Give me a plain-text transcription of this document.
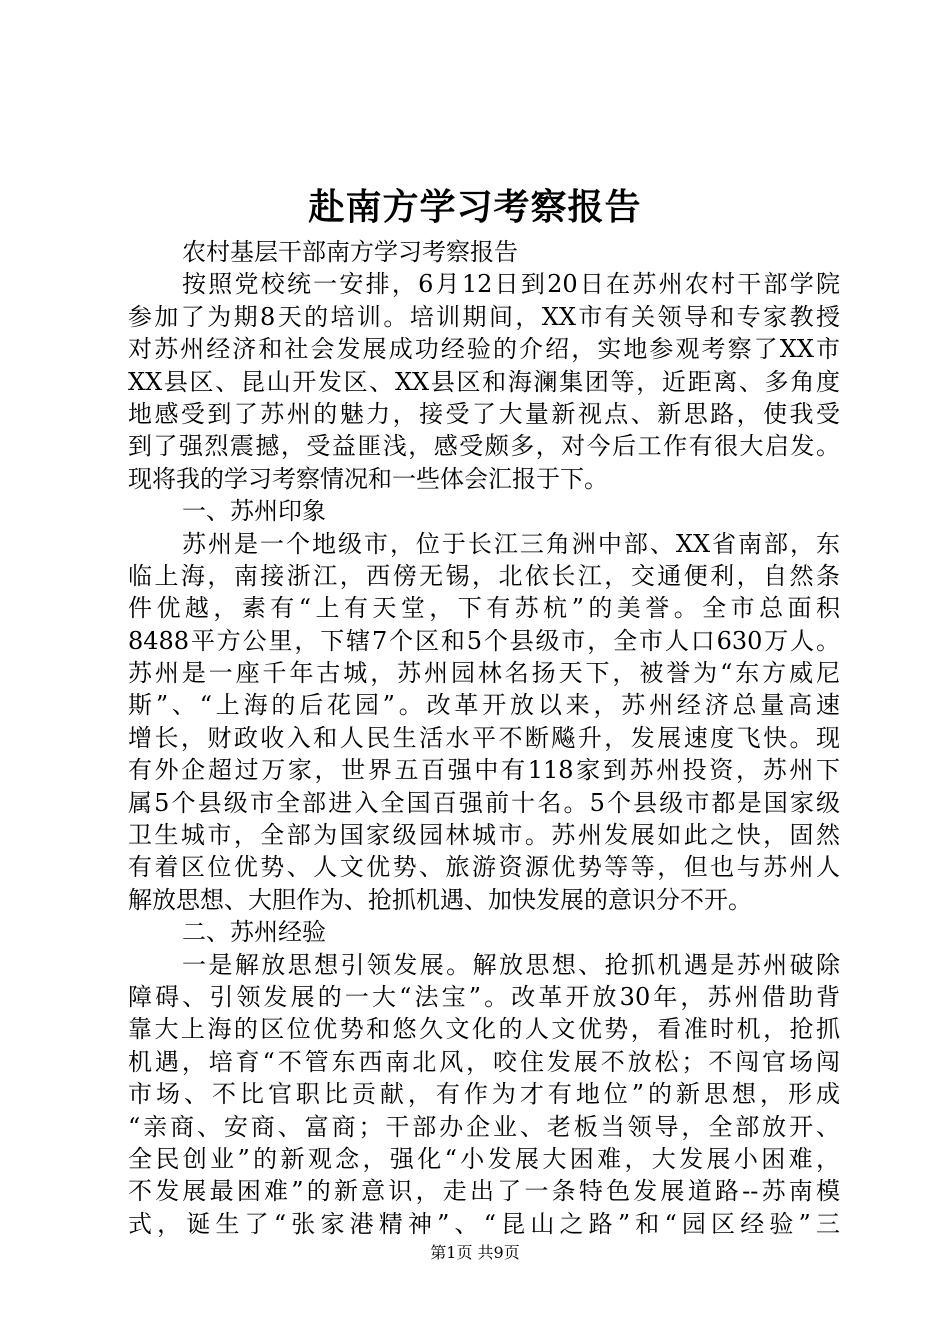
赴南方学习考察报告
农村基层干部南方学习考察报告
按照党校统一安排，6月12日到20日在苏州农村干部学院
参加了为期8天的培训。培训期间，XX市有关领导和专家教授
对苏州经济和社会发展成功经验的介绍，实地参观考察了XX市
XX县区、昆山开发区、XX县区和海澜集团等，近距离、多角度
地感受到了苏州的魅力，接受了大量新视点、新思路，使我受
到了强烈震撼，受益匪浅，感受颇多，对今后工作有很大启发。
现将我的学习考察情况和一些体会汇报于下。
一、苏州印象
苏州是一个地级市，位于长江三角洲中部、XX省南部，东
临上海，南接浙江，西傍无锡，北依长江，交通便利，自然条
件优越，素有“上有天堂，下有苏杭”的美誉。全市总面积
8488平方公里，下辖7个区和5个县级市，全市人口630万人。
苏州是一座千年古城，苏州园林名扬天下，被誉为“东方威尼
斯”、“上海的后花园”。改革开放以来，苏州经济总量高速
增长，财政收入和人民生活水平不断飚升，发展速度飞快。现
有外企超过万家，世界五百强中有118家到苏州投资，苏州下
属5个县级市全部进入全国百强前十名。5个县级市都是国家级
卫生城市，全部为国家级园林城市。苏州发展如此之快，固然
有着区位优势、人文优势、旅游资源优势等等，但也与苏州人
解放思想、大胆作为、抢抓机遇、加快发展的意识分不开。
二、苏州经验
一是解放思想引领发展。解放思想、抢抓机遇是苏州破除
障碍、引领发展的一大“法宝”。改革开放30年，苏州借助背
靠大上海的区位优势和悠久文化的人文优势，看准时机，抢抓
机遇，培育“不管东西南北风，咬住发展不放松；不闯官场闯
市场、不比官职比贡献，有作为才有地位”的新思想，形成
“亲商、安商、富商；干部办企业、老板当领导，全部放开、
全民创业”的新观念，强化“小发展大困难，大发展小困难，
不发展最困难”的新意识，走出了一条特色发展道路--苏南模
式，诞生了“张家港精神”、“昆山之路”和“园区经验”三
第1页 共9页
